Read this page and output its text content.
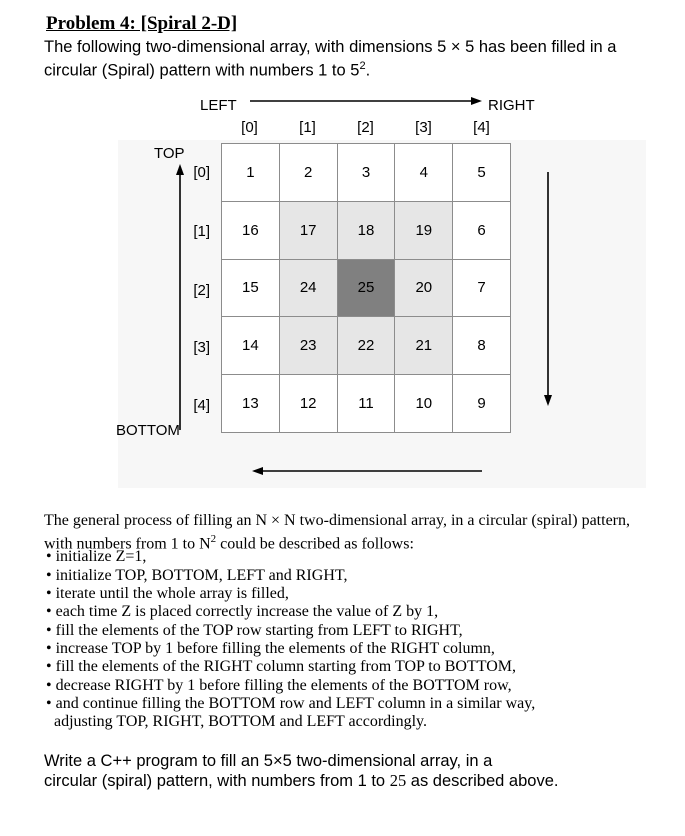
Problem 4: [Spiral 2-D]
The following two-dimensional array, with dimensions 5 × 5 has been filled in a
circular (Spiral) pattern with numbers 1 to $5^2$.
LEFT	RIGHT
TOP
BOTTOM
[0]	[1]	[2]	[3]	[4]
[0]
[1]
[2]
[3]
[4]
1	2	3	4	5
16	17	18	19	6
15	24	25	20	7
14	23	22	21	8
13	12	11	10	9
The general process of filling an N × N two-dimensional array, in a circular (spiral) pattern,
with numbers from 1 to $N^2$ could be described as follows:
• initialize Z=1,
• initialize TOP, BOTTOM, LEFT and RIGHT,
• iterate until the whole array is filled,
• each time Z is placed correctly increase the value of Z by 1,
• fill the elements of the TOP row starting from LEFT to RIGHT,
• increase TOP by 1 before filling the elements of the RIGHT column,
• fill the elements of the RIGHT column starting from TOP to BOTTOM,
• decrease RIGHT by 1 before filling the elements of the BOTTOM row,
• and continue filling the BOTTOM row and LEFT column in a similar way,
adjusting TOP, RIGHT, BOTTOM and LEFT accordingly.
Write a C++ program to fill an 5×5 two-dimensional array, in a
circular (spiral) pattern, with numbers from 1 to 25 as described above.
